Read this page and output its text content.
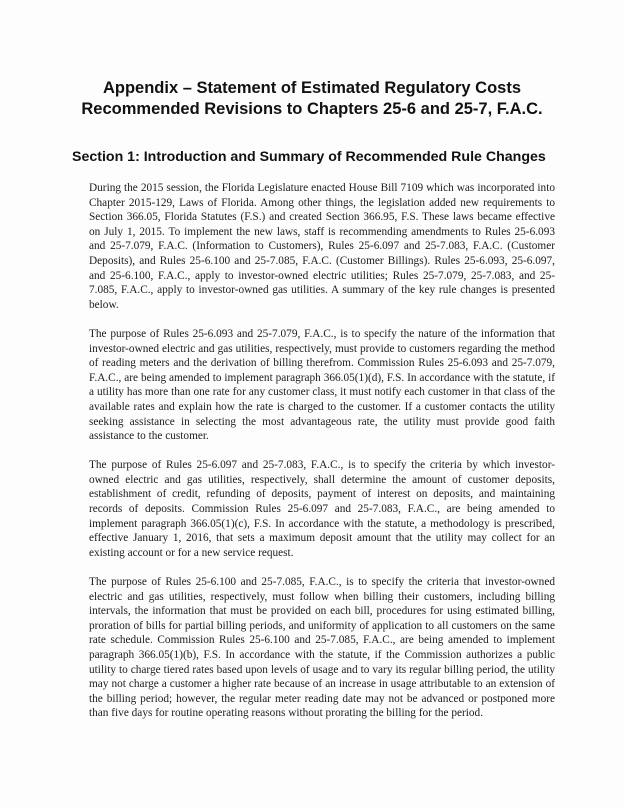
Appendix – Statement of Estimated Regulatory Costs
Recommended Revisions to Chapters 25-6 and 25-7, F.A.C.
Section 1: Introduction and Summary of Recommended Rule Changes

During the 2015 session, the Florida Legislature enacted House Bill 7109 which was incorporated into Chapter 2015-129, Laws of Florida. Among other things, the legislation added new requirements to Section 366.05, Florida Statutes (F.S.) and created Section 366.95, F.S. These laws became effective on July 1, 2015. To implement the new laws, staff is recommending amendments to Rules 25-6.093 and 25-7.079, F.A.C. (Information to Customers), Rules 25-6.097 and 25-7.083, F.A.C. (Customer Deposits), and Rules 25-6.100 and 25-7.085, F.A.C. (Customer Billings). Rules 25-6.093, 25-6.097, and 25-6.100, F.A.C., apply to investor-owned electric utilities; Rules 25-7.079, 25-7.083, and 25-7.085, F.A.C., apply to investor-owned gas utilities. A summary of the key rule changes is presented below.

The purpose of Rules 25-6.093 and 25-7.079, F.A.C., is to specify the nature of the information that investor-owned electric and gas utilities, respectively, must provide to customers regarding the method of reading meters and the derivation of billing therefrom. Commission Rules 25-6.093 and 25-7.079, F.A.C., are being amended to implement paragraph 366.05(1)(d), F.S. In accordance with the statute, if a utility has more than one rate for any customer class, it must notify each customer in that class of the available rates and explain how the rate is charged to the customer. If a customer contacts the utility seeking assistance in selecting the most advantageous rate, the utility must provide good faith assistance to the customer.

The purpose of Rules 25-6.097 and 25-7.083, F.A.C., is to specify the criteria by which investor-owned electric and gas utilities, respectively, shall determine the amount of customer deposits, establishment of credit, refunding of deposits, payment of interest on deposits, and maintaining records of deposits. Commission Rules 25-6.097 and 25-7.083, F.A.C., are being amended to implement paragraph 366.05(1)(c), F.S. In accordance with the statute, a methodology is prescribed, effective January 1, 2016, that sets a maximum deposit amount that the utility may collect for an existing account or for a new service request.

The purpose of Rules 25-6.100 and 25-7.085, F.A.C., is to specify the criteria that investor-owned electric and gas utilities, respectively, must follow when billing their customers, including billing intervals, the information that must be provided on each bill, procedures for using estimated billing, proration of bills for partial billing periods, and uniformity of application to all customers on the same rate schedule. Commission Rules 25-6.100 and 25-7.085, F.A.C., are being amended to implement paragraph 366.05(1)(b), F.S. In accordance with the statute, if the Commission authorizes a public utility to charge tiered rates based upon levels of usage and to vary its regular billing period, the utility may not charge a customer a higher rate because of an increase in usage attributable to an extension of the billing period; however, the regular meter reading date may not be advanced or postponed more than five days for routine operating reasons without prorating the billing for the period.
